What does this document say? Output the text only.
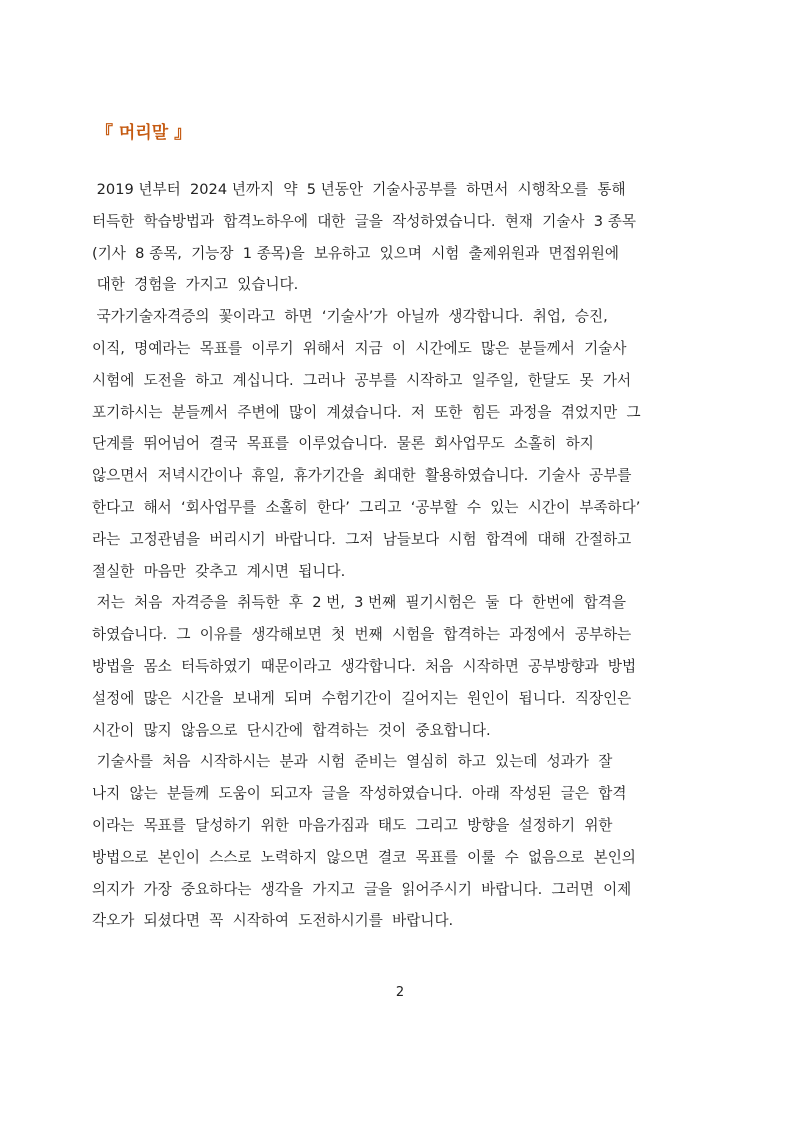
『 머리말 』
2019 년부터  2024 년까지  약  5 년동안  기술사공부를  하면서  시행착오를  통해
터득한  학습방법과  합격노하우에  대한  글을  작성하였습니다.  현재  기술사  3 종목
(기사  8 종목,  기능장  1 종목)을  보유하고  있으며  시험  출제위원과  면접위원에
대한  경험을  가지고  있습니다.
국가기술자격증의  꽃이라고  하면  ‘기술사’가  아닐까  생각합니다.  취업,  승진,
이직,  명예라는  목표를  이루기  위해서  지금  이  시간에도  많은  분들께서  기술사
시험에  도전을  하고  계십니다.  그러나  공부를  시작하고  일주일,  한달도  못  가서
포기하시는  분들께서  주변에  많이  계셨습니다.  저  또한  힘든  과정을  겪었지만  그
단계를  뛰어넘어  결국  목표를  이루었습니다.  물론  회사업무도  소홀히  하지
않으면서  저녁시간이나  휴일,  휴가기간을  최대한  활용하였습니다.  기술사  공부를
한다고  해서  ‘회사업무를  소홀히  한다’  그리고  ‘공부할  수  있는  시간이  부족하다’
라는  고정관념을  버리시기  바랍니다.  그저  남들보다  시험  합격에  대해  간절하고
절실한  마음만  갖추고  계시면  됩니다.
저는  처음  자격증을  취득한  후  2 번,  3 번째  필기시험은  둘  다  한번에  합격을
하였습니다.  그  이유를  생각해보면  첫  번째  시험을  합격하는  과정에서  공부하는
방법을  몸소  터득하였기  때문이라고  생각합니다.  처음  시작하면  공부방향과  방법
설정에  많은  시간을  보내게  되며  수험기간이  길어지는  원인이  됩니다.  직장인은
시간이  많지  않음으로  단시간에  합격하는  것이  중요합니다.
기술사를  처음  시작하시는  분과  시험  준비는  열심히  하고  있는데  성과가  잘
나지  않는  분들께  도움이  되고자  글을  작성하였습니다.  아래  작성된  글은  합격
이라는  목표를  달성하기  위한  마음가짐과  태도  그리고  방향을  설정하기  위한
방법으로  본인이  스스로  노력하지  않으면  결코  목표를  이룰  수  없음으로  본인의
의지가  가장  중요하다는  생각을  가지고  글을  읽어주시기  바랍니다.  그러면  이제
각오가  되셨다면  꼭  시작하여  도전하시기를  바랍니다.
2
